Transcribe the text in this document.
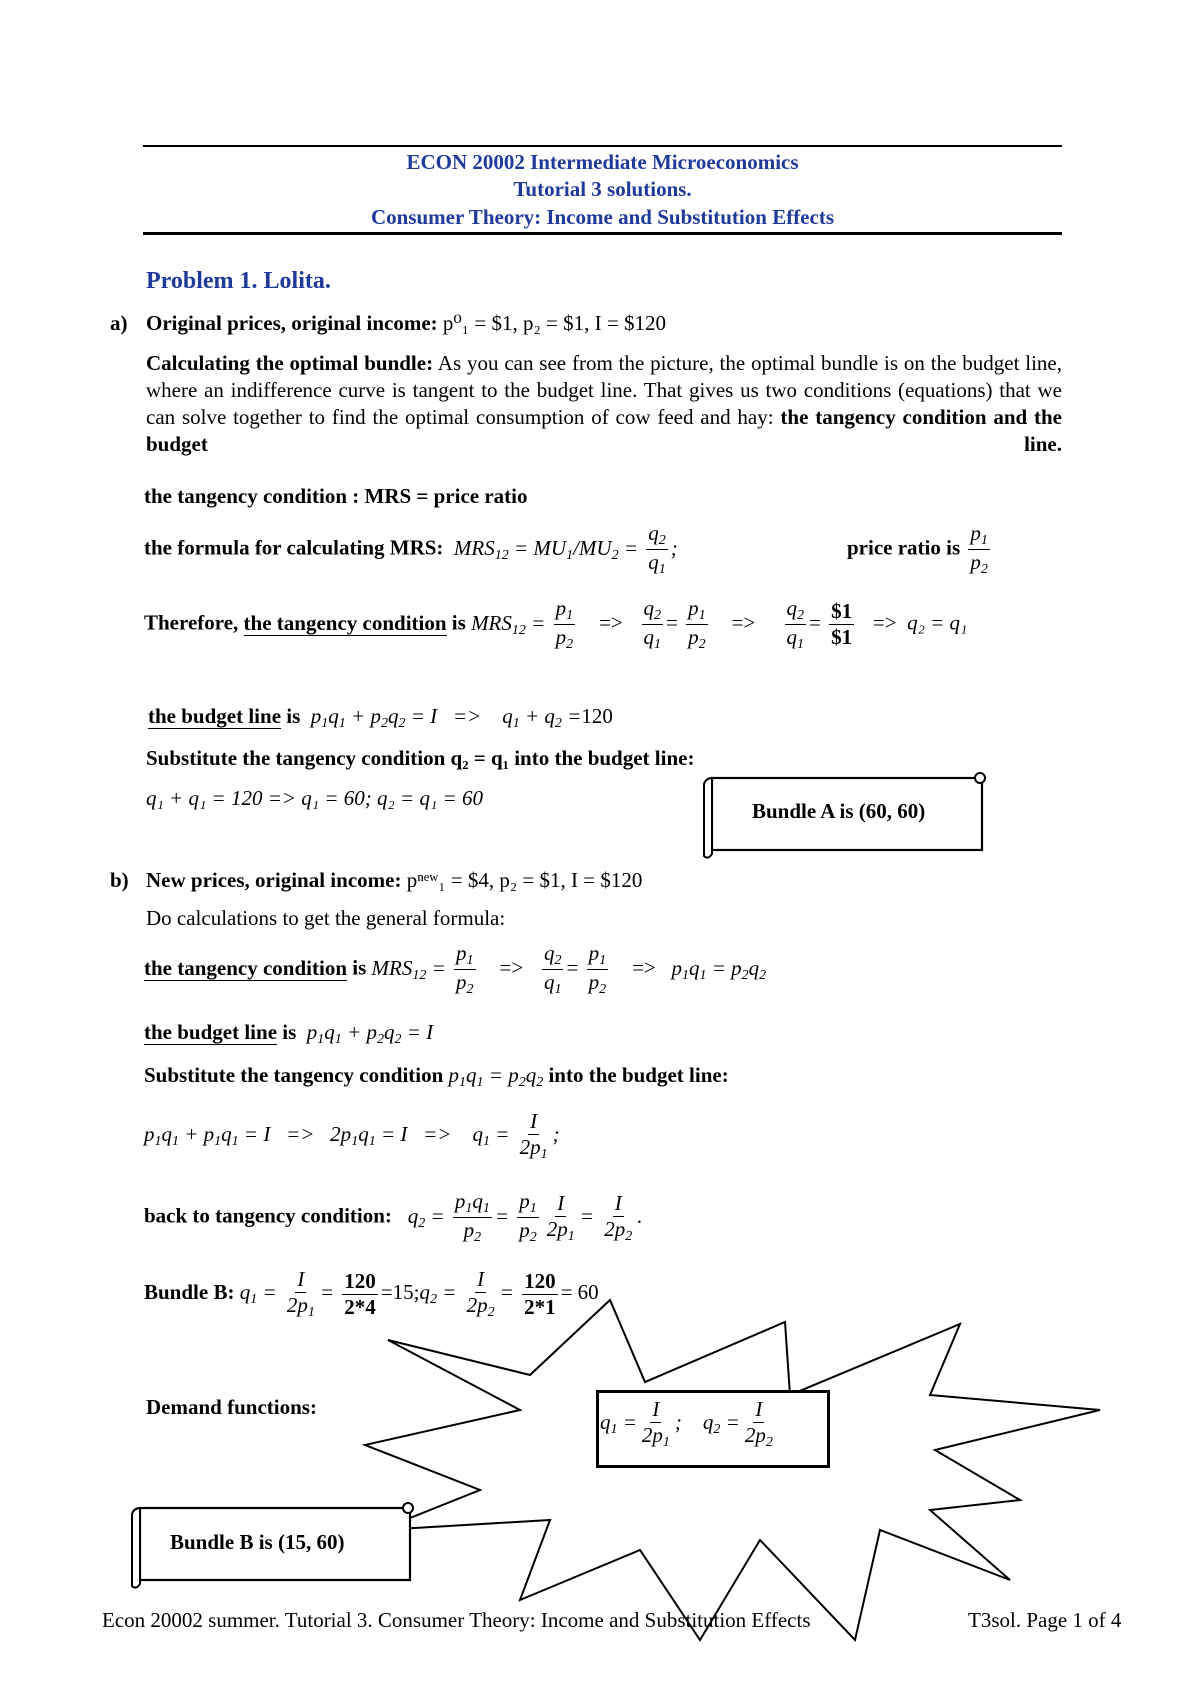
ECON 20002 Intermediate Microeconomics
Tutorial 3 solutions.
Consumer Theory: Income and Substitution Effects
Problem 1. Lolita.
a) Original prices, original income: p⁰₁ = $1, p₂ = $1, I = $120
Calculating the optimal bundle: As you can see from the picture, the optimal bundle is on the budget line, where an indifference curve is tangent to the budget line. That gives us two conditions (equations) that we can solve together to find the optimal consumption of cow feed and hay: the tangency condition and the budget line.
the tangency condition : MRS = price ratio
the formula for calculating MRS:  $MRS_{12} = MU_1/MU_2 = \frac{q_2}{q_1}$ ;	price ratio is $\frac{p_1}{p_2}$
Therefore, the tangency condition is $MRS_{12} = \frac{p_1}{p_2} => \frac{q_2}{q_1} = \frac{p_1}{p_2} => \frac{q_2}{q_1} = \frac{\$1}{\$1} => q_2 = q_1$
the budget line is  $p_1q_1 + p_2q_2 = I$   =>    $q_1 + q_2 =120$
Substitute the tangency condition q₂ = q₁ into the budget line:
q₁ + q₁ = 120 => q₁ = 60; q₂ = q₁ = 60
Bundle A is (60, 60)
b) New prices, original income: pⁿᵉʷ₁ = $4, p₂ = $1, I = $120
Do calculations to get the general formula:
the tangency condition is $MRS_{12} = \frac{p_1}{p_2} => \frac{q_2}{q_1} = \frac{p_1}{p_2} => p_1q_1 = p_2q_2$
the budget line is  $p_1q_1 + p_2q_2 = I$
Substitute the tangency condition $p_1q_1 = p_2q_2$ into the budget line:
$p_1q_1 + p_1q_1 = I => 2p_1q_1 = I$   =>    $q_1 = \frac{I}{2p_1}$ ;
back to tangency condition:   $q_2 = \frac{p_1q_1}{p_2} = \frac{p_1}{p_2} \frac{I}{2p_1} = \frac{I}{2p_2}$ .
Bundle B: $q_1 = \frac{I}{2p_1} = \frac{120}{2*4}$ $=15;q_2 = \frac{I}{2p_2} = \frac{120}{2*1} = 60$
Demand functions:
$q_1 = \frac{I}{2p_1}$ ;    $q_2 = \frac{I}{2p_2}$
Bundle B is (15, 60)
Econ 20002 summer. Tutorial 3. Consumer Theory: Income and Substitution Effects	T3sol. Page 1 of 4
